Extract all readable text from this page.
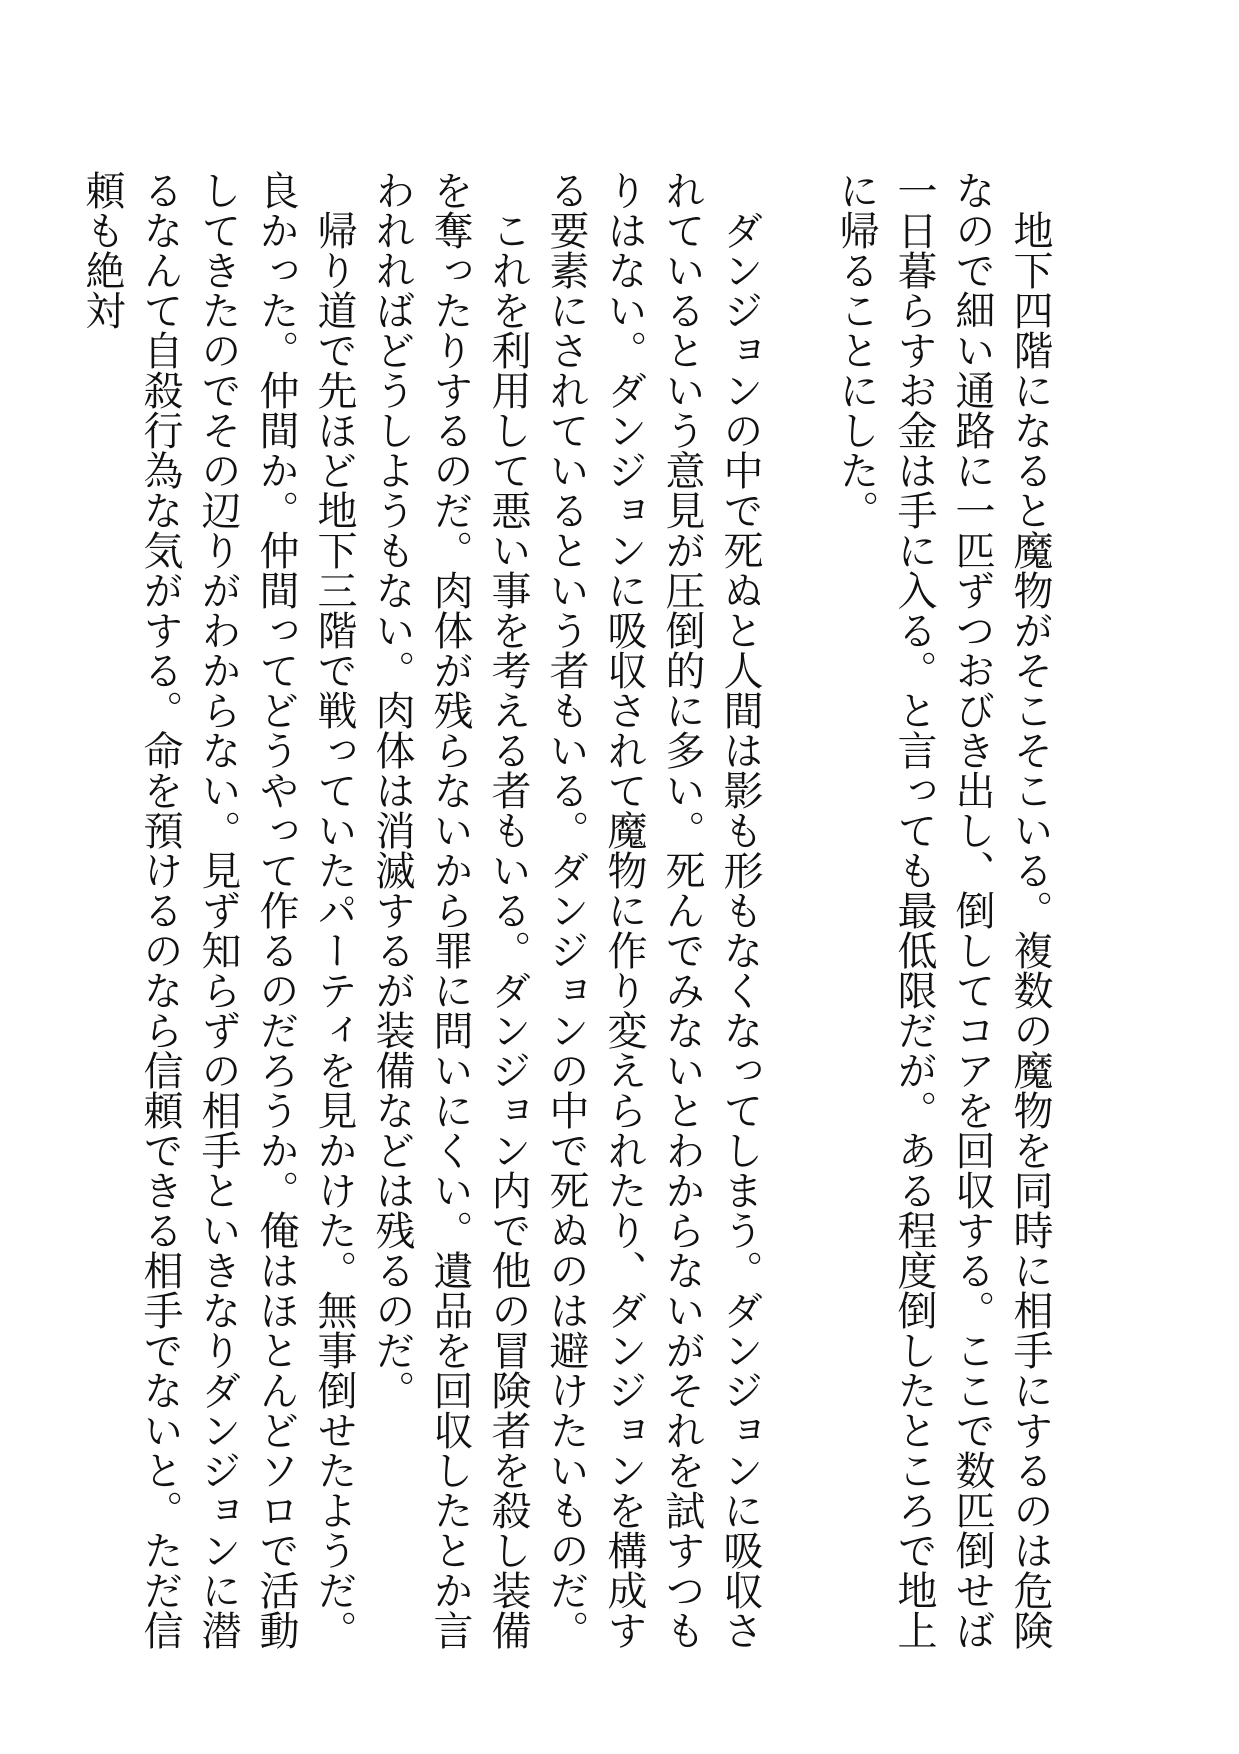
地下四階になると魔物がそこそこいる。複数の魔物を同時に相手にするのは危険なので細い通路に一匹ずつおびき出し、倒してコアを回収する。ここで数匹倒せば一日暮らすお金は手に入る。と言っても最低限だが。ある程度倒したところで地上に帰ることにした。

ダンジョンの中で死ぬと人間は影も形もなくなってしまう。ダンジョンに吸収されているという意見が圧倒的に多い。死んでみないとわからないがそれを試すつもりはない。ダンジョンに吸収されて魔物に作り変えられたり、ダンジョンを構成する要素にされているという者もいる。ダンジョンの中で死ぬのは避けたいものだ。

これを利用して悪い事を考える者もいる。ダンジョン内で他の冒険者を殺し装備を奪ったりするのだ。肉体が残らないから罪に問いにくい。遺品を回収したとか言われればどうしようもない。肉体は消滅するが装備などは残るのだ。

帰り道で先ほど地下三階で戦っていたパーティを見かけた。無事倒せたようだ。良かった。仲間か。仲間ってどうやって作るのだろうか。俺はほとんどソロで活動してきたのでその辺りがわからない。見ず知らずの相手といきなりダンジョンに潜るなんて自殺行為な気がする。命を預けるのなら信頼できる相手でないと。ただ信頼も絶対
